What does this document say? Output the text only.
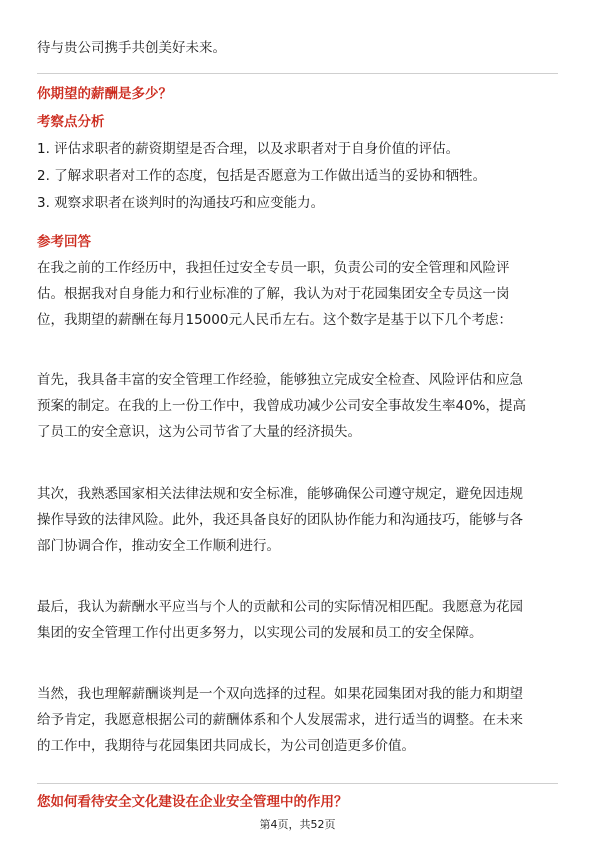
待与贵公司携手共创美好未来。

你期望的薪酬是多少？

考察点分析

1. 评估求职者的薪资期望是否合理，以及求职者对于自身价值的评估。

2. 了解求职者对工作的态度，包括是否愿意为工作做出适当的妥协和牺牲。

3. 观察求职者在谈判时的沟通技巧和应变能力。

参考回答

在我之前的工作经历中，我担任过安全专员一职，负责公司的安全管理和风险评

估。根据我对自身能力和行业标准的了解，我认为对于花园集团安全专员这一岗

位，我期望的薪酬在每月15000元人民币左右。这个数字是基于以下几个考虑：

首先，我具备丰富的安全管理工作经验，能够独立完成安全检查、风险评估和应急

预案的制定。在我的上一份工作中，我曾成功减少公司安全事故发生率40%，提高

了员工的安全意识，这为公司节省了大量的经济损失。

其次，我熟悉国家相关法律法规和安全标准，能够确保公司遵守规定，避免因违规

操作导致的法律风险。此外，我还具备良好的团队协作能力和沟通技巧，能够与各

部门协调合作，推动安全工作顺利进行。

最后，我认为薪酬水平应当与个人的贡献和公司的实际情况相匹配。我愿意为花园

集团的安全管理工作付出更多努力，以实现公司的发展和员工的安全保障。

当然，我也理解薪酬谈判是一个双向选择的过程。如果花园集团对我的能力和期望

给予肯定，我愿意根据公司的薪酬体系和个人发展需求，进行适当的调整。在未来

的工作中，我期待与花园集团共同成长，为公司创造更多价值。

您如何看待安全文化建设在企业安全管理中的作用？

第4页，共52页
